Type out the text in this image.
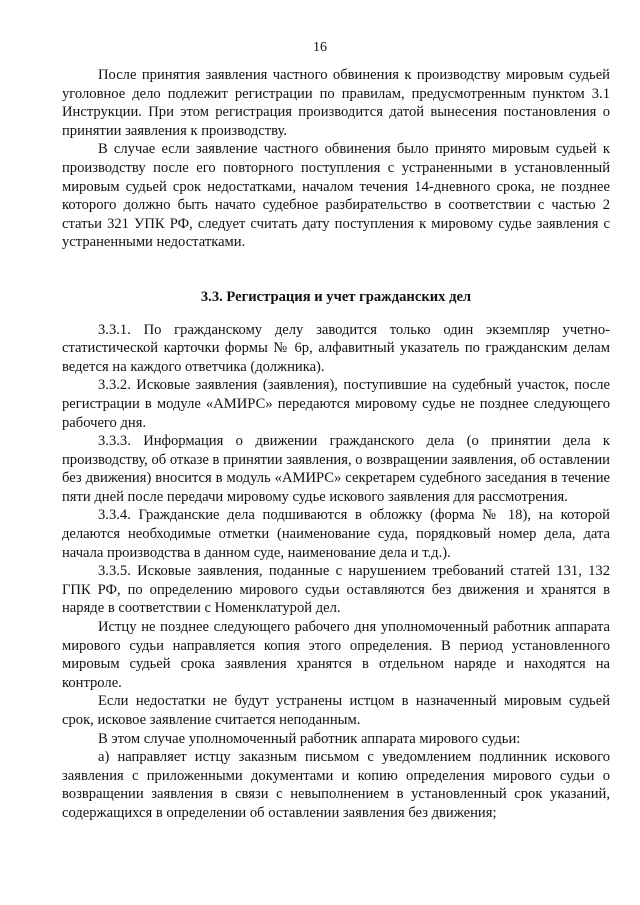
16

После принятия заявления частного обвинения к производству мировым судьей уголовное дело подлежит регистрации по правилам, предусмотренным пунктом 3.1 Инструкции. При этом регистрация производится датой вынесения постановления о принятии заявления к производству.

В случае если заявление частного обвинения было принято мировым судьей к производству после его повторного поступления с устраненными в установленный мировым судьей срок недостатками, началом течения 14-дневного срока, не позднее которого должно быть начато судебное разбирательство в соответствии с частью 2 статьи 321 УПК РФ, следует считать дату поступления к мировому судье заявления с устраненными недостатками.

3.3. Регистрация и учет гражданских дел

3.3.1. По гражданскому делу заводится только один экземпляр учетно-статистической карточки формы № 6р, алфавитный указатель по гражданским делам ведется на каждого ответчика (должника).

3.3.2. Исковые заявления (заявления), поступившие на судебный участок, после регистрации в модуле «АМИРС» передаются мировому судье не позднее следующего рабочего дня.

3.3.3. Информация о движении гражданского дела (о принятии дела к производству, об отказе в принятии заявления, о возвращении заявления, об оставлении без движения) вносится в модуль «АМИРС» секретарем судебного заседания в течение пяти дней после передачи мировому судье искового заявления для рассмотрения.

3.3.4. Гражданские дела подшиваются в обложку (форма № 18), на которой делаются необходимые отметки (наименование суда, порядковый номер дела, дата начала производства в данном суде, наименование дела и т.д.).

3.3.5. Исковые заявления, поданные с нарушением требований статей 131, 132 ГПК РФ, по определению мирового судьи оставляются без движения и хранятся в наряде в соответствии с Номенклатурой дел.

Истцу не позднее следующего рабочего дня уполномоченный работник аппарата мирового судьи направляется копия этого определения. В период установленного мировым судьей срока заявления хранятся в отдельном наряде и находятся на контроле.

Если недостатки не будут устранены истцом в назначенный мировым судьей срок, исковое заявление считается неподанным.

В этом случае уполномоченный работник аппарата мирового судьи:

а) направляет истцу заказным письмом с уведомлением подлинник искового заявления с приложенными документами и копию определения мирового судьи о возвращении заявления в связи с невыполнением в установленный срок указаний, содержащихся в определении об оставлении заявления без движения;
